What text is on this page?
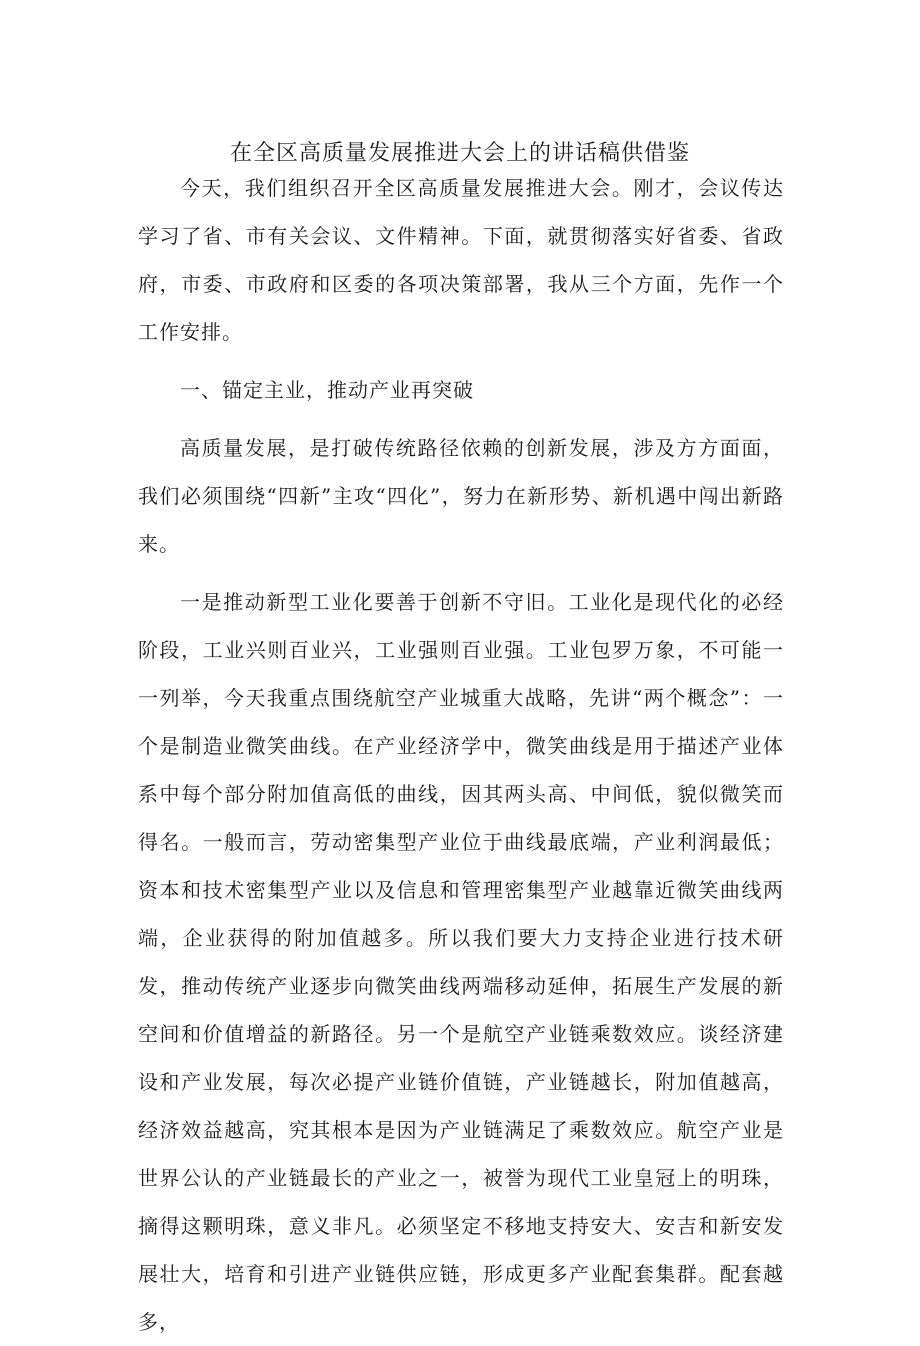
在全区高质量发展推进大会上的讲话稿供借鉴

今天，我们组织召开全区高质量发展推进大会。刚才，会议传达学习了省、市有关会议、文件精神。下面，就贯彻落实好省委、省政府，市委、市政府和区委的各项决策部署，我从三个方面，先作一个工作安排。

一、锚定主业，推动产业再突破

高质量发展，是打破传统路径依赖的创新发展，涉及方方面面，我们必须围绕“四新”主攻“四化”，努力在新形势、新机遇中闯出新路来。

一是推动新型工业化要善于创新不守旧。工业化是现代化的必经阶段，工业兴则百业兴，工业强则百业强。工业包罗万象，不可能一一列举，今天我重点围绕航空产业城重大战略，先讲“两个概念”：一个是制造业微笑曲线。在产业经济学中，微笑曲线是用于描述产业体系中每个部分附加值高低的曲线，因其两头高、中间低，貌似微笑而得名。一般而言，劳动密集型产业位于曲线最底端，产业利润最低；资本和技术密集型产业以及信息和管理密集型产业越靠近微笑曲线两端，企业获得的附加值越多。所以我们要大力支持企业进行技术研发，推动传统产业逐步向微笑曲线两端移动延伸，拓展生产发展的新空间和价值增益的新路径。另一个是航空产业链乘数效应。谈经济建设和产业发展，每次必提产业链价值链，产业链越长，附加值越高，经济效益越高，究其根本是因为产业链满足了乘数效应。航空产业是世界公认的产业链最长的产业之一，被誉为现代工业皇冠上的明珠，摘得这颗明珠，意义非凡。必须坚定不移地支持安大、安吉和新安发展壮大，培育和引进产业链供应链，形成更多产业配套集群。配套越多，
